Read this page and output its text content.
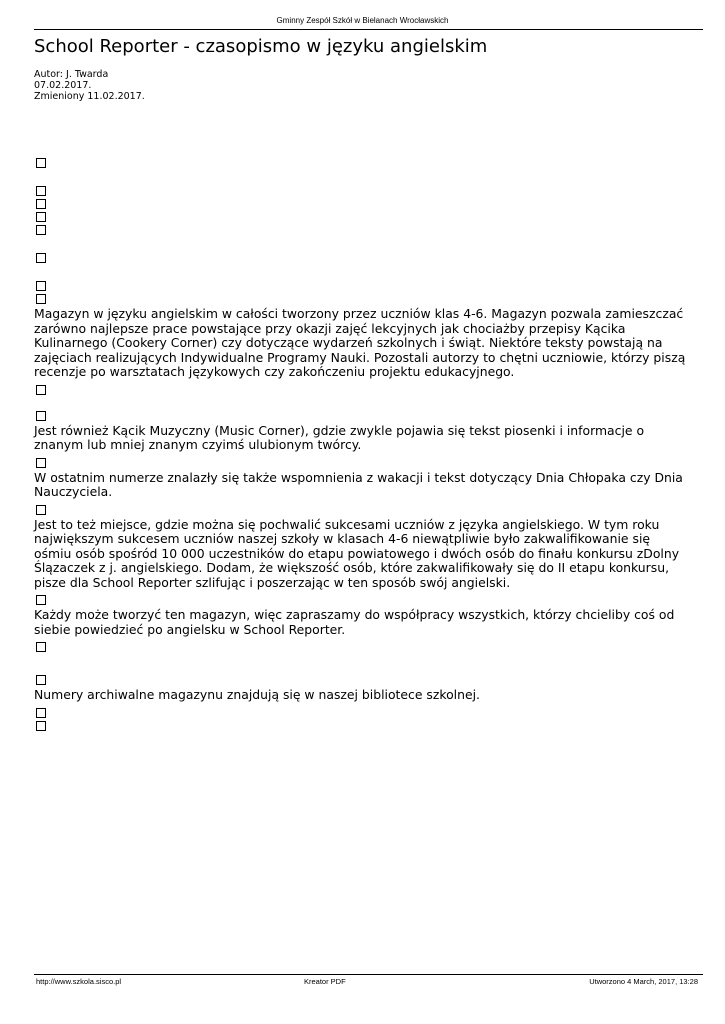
Gminny Zespół Szkół w Bielanach Wrocławskich
School Reporter - czasopismo w języku angielskim
Autor: J. Twarda
07.02.2017.
Zmieniony 11.02.2017.

Magazyn w języku angielskim w całości tworzony przez uczniów klas 4-6. Magazyn pozwala zamieszczać zarówno najlepsze prace powstające przy okazji zajęć lekcyjnych jak chociażby przepisy Kącika Kulinarnego (Cookery Corner) czy dotyczące wydarzeń szkolnych i świąt. Niektóre teksty powstają na zajęciach realizujących Indywidualne Programy Nauki. Pozostali autorzy to chętni uczniowie, którzy piszą recenzje po warsztatach językowych czy zakończeniu projektu edukacyjnego.

Jest również Kącik Muzyczny (Music Corner), gdzie zwykle pojawia się tekst piosenki i informacje o znanym lub mniej znanym czyimś ulubionym twórcy.

W ostatnim numerze znalazły się także wspomnienia z wakacji i tekst dotyczący Dnia Chłopaka czy Dnia Nauczyciela.

Jest to też miejsce, gdzie można się pochwalić sukcesami uczniów z języka angielskiego. W tym roku największym sukcesem uczniów naszej szkoły w klasach 4-6 niewątpliwie było zakwalifikowanie się ośmiu osób spośród 10 000 uczestników do etapu powiatowego i dwóch osób do finału konkursu zDolny Ślązaczek z j. angielskiego. Dodam, że większość osób, które zakwalifikowały się do II etapu konkursu, pisze dla School Reporter szlifując i poszerzając w ten sposób swój angielski.

Każdy może tworzyć ten magazyn, więc zapraszamy do współpracy wszystkich, którzy chcieliby coś od siebie powiedzieć po angielsku w School Reporter.

Numery archiwalne magazynu znajdują się w naszej bibliotece szkolnej.

http://www.szkola.sisco.pl	Kreator PDF	Utworzono 4 March, 2017, 13:28
